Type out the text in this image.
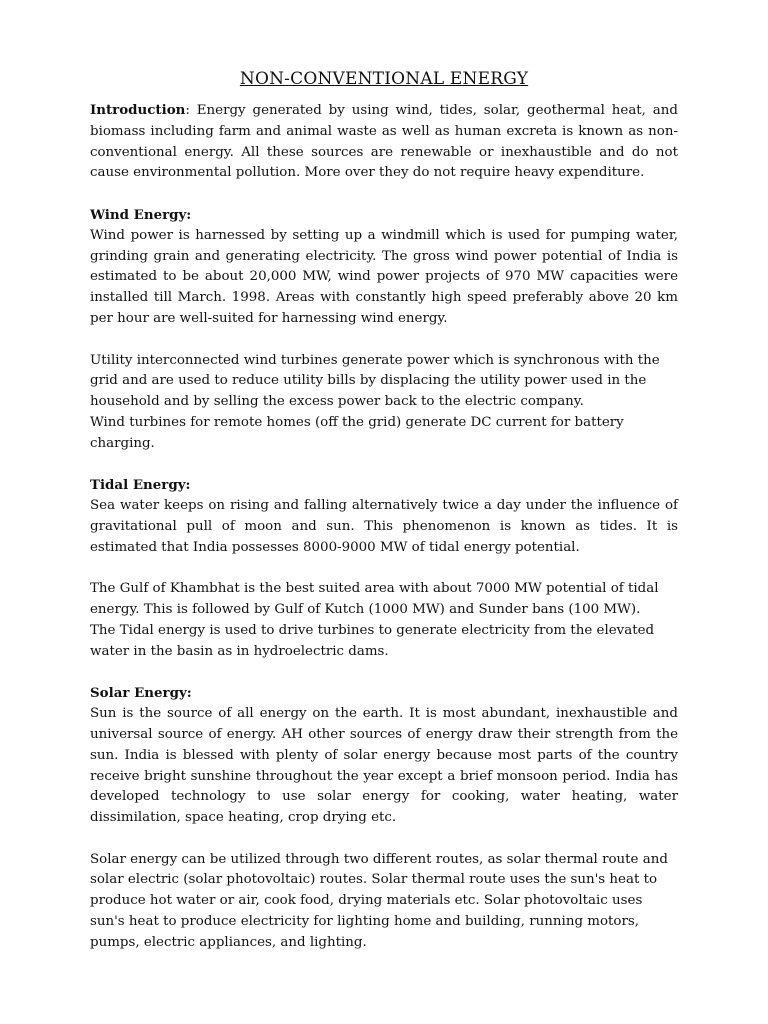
NON-CONVENTIONAL ENERGY

Introduction: Energy generated by using wind, tides, solar, geothermal heat, and biomass including farm and animal waste as well as human excreta is known as non-conventional energy. All these sources are renewable or inexhaustible and do not cause environmental pollution. More over they do not require heavy expenditure.

Wind Energy:

Wind power is harnessed by setting up a windmill which is used for pumping water, grinding grain and generating electricity. The gross wind power potential of India is estimated to be about 20,000 MW, wind power projects of 970 MW capacities were installed till March. 1998. Areas with constantly high speed preferably above 20 km per hour are well-suited for harnessing wind energy.

Utility interconnected wind turbines generate power which is synchronous with the grid and are used to reduce utility bills by displacing the utility power used in the household and by selling the excess power back to the electric company.

Wind turbines for remote homes (off the grid) generate DC current for battery charging.

Tidal Energy:

Sea water keeps on rising and falling alternatively twice a day under the influence of gravitational pull of moon and sun. This phenomenon is known as tides. It is estimated that India possesses 8000-9000 MW of tidal energy potential.

The Gulf of Khambhat is the best suited area with about 7000 MW potential of tidal energy. This is followed by Gulf of Kutch (1000 MW) and Sunder bans (100 MW).

The Tidal energy is used to drive turbines to generate electricity from the elevated water in the basin as in hydroelectric dams.

Solar Energy:

Sun is the source of all energy on the earth. It is most abundant, inexhaustible and universal source of energy. AH other sources of energy draw their strength from the sun. India is blessed with plenty of solar energy because most parts of the country receive bright sunshine throughout the year except a brief monsoon period. India has developed technology to use solar energy for cooking, water heating, water dissimilation, space heating, crop drying etc.

Solar energy can be utilized through two different routes, as solar thermal route and solar electric (solar photovoltaic) routes. Solar thermal route uses the sun's heat to produce hot water or air, cook food, drying materials etc. Solar photovoltaic uses sun's heat to produce electricity for lighting home and building, running motors, pumps, electric appliances, and lighting.
